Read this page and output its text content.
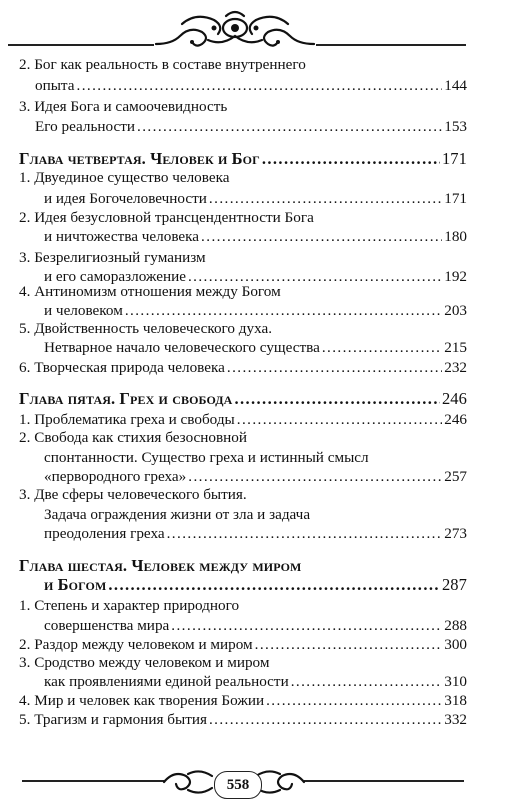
2. Бог как реальность в составе внутреннего
опыта .....	144
3. Идея Бога и самоочевидность
Его реальности .....	153
Глава четвертая. Человек и Бог .....	171
1. Двуединое существо человека
и идея Богочеловечности .....	171
2. Идея безусловной трансцендентности Бога
и ничтожества человека .....	180
3. Безрелигиозный гуманизм
и его саморазложение .....	192
4. Антиномизм отношения между Богом
и человеком .....	203
5. Двойственность человеческого духа.
Нетварное начало человеческого существа .....	215
6. Творческая природа человека .....	232
Глава пятая. Грех и свобода .....	246
1. Проблематика греха и свободы .....	246
2. Свобода как стихия безосновной
спонтанности. Существо греха и истинный смысл
«первородного греха» .....	257
3. Две сферы человеческого бытия.
Задача ограждения жизни от зла и задача
преодоления греха .....	273
Глава шестая. Человек между миром
и Богом .....	287
1. Степень и характер природного
совершенства мира .....	288
2. Раздор между человеком и миром .....	300
3. Сродство между человеком и миром
как проявлениями единой реальности .....	310
4. Мир и человек как творения Божии .....	318
5. Трагизм и гармония бытия .....	332
558
